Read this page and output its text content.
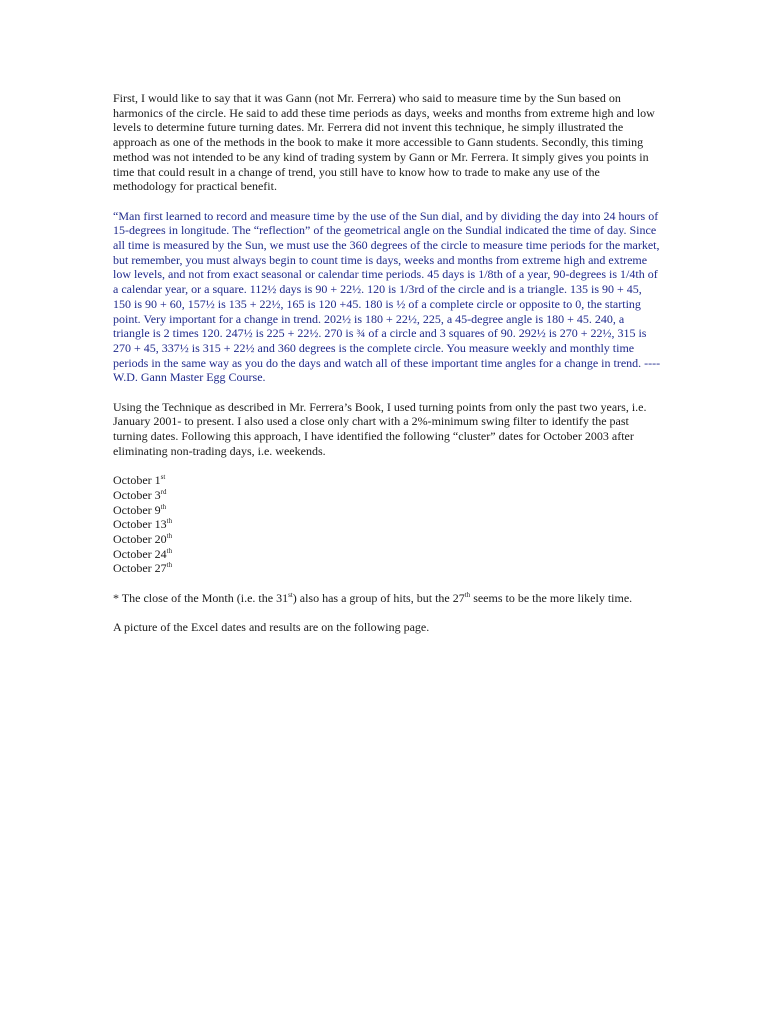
First, I would like to say that it was Gann (not Mr. Ferrera) who said to measure time by the Sun based on harmonics of the circle. He said to add these time periods as days, weeks and months from extreme high and low levels to determine future turning dates. Mr. Ferrera did not invent this technique, he simply illustrated the approach as one of the methods in the book to make it more accessible to Gann students. Secondly, this timing method was not intended to be any kind of trading system by Gann or Mr. Ferrera. It simply gives you points in time that could result in a change of trend, you still have to know how to trade to make any use of the methodology for practical benefit.

“Man first learned to record and measure time by the use of the Sun dial, and by dividing the day into 24 hours of 15-degrees in longitude. The “reflection” of the geometrical angle on the Sundial indicated the time of day. Since all time is measured by the Sun, we must use the 360 degrees of the circle to measure time periods for the market, but remember, you must always begin to count time is days, weeks and months from extreme high and extreme low levels, and not from exact seasonal or calendar time periods. 45 days is 1/8th of a year, 90-degrees is 1/4th of a calendar year, or a square. 112½ days is 90 + 22½. 120 is 1/3rd of the circle and is a triangle. 135 is 90 + 45, 150 is 90 + 60, 157½ is 135 + 22½, 165 is 120 +45. 180 is ½ of a complete circle or opposite to 0, the starting point. Very important for a change in trend. 202½ is 180 + 22½, 225, a 45-degree angle is 180 + 45. 240, a triangle is 2 times 120. 247½ is 225 + 22½. 270 is ¾ of a circle and 3 squares of 90. 292½ is 270 + 22½, 315 is 270 + 45, 337½ is 315 + 22½ and 360 degrees is the complete circle. You measure weekly and monthly time periods in the same way as you do the days and watch all of these important time angles for a change in trend. ----W.D. Gann Master Egg Course.

Using the Technique as described in Mr. Ferrera’s Book, I used turning points from only the past two years, i.e. January 2001- to present. I also used a close only chart with a 2%-minimum swing filter to identify the past turning dates. Following this approach, I have identified the following “cluster” dates for October 2003 after eliminating non-trading days, i.e. weekends.

October 1st
October 3rd
October 9th
October 13th
October 20th
October 24th
October 27th

* The close of the Month (i.e. the 31st) also has a group of hits, but the 27th seems to be the more likely time.

A picture of the Excel dates and results are on the following page.
